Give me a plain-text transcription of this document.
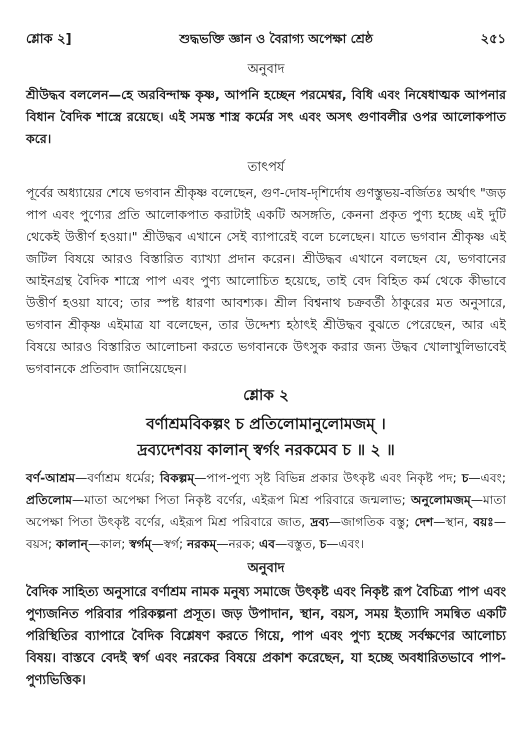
শ্লোক ২]	শুদ্ধভক্তি জ্ঞান ও বৈরাগ্য অপেক্ষা শ্রেষ্ঠ	২৫১
অনুবাদ

শ্রীউদ্ধব বললেন—হে অরবিন্দাক্ষ কৃষ্ণ, আপনি হচ্ছেন পরমেশ্বর, বিধি এবং নিষেধাত্মক আপনার বিধান বৈদিক শাস্ত্রে রয়েছে। এই সমস্ত শাস্ত্র কর্মের সৎ এবং অসৎ গুণাবলীর ওপর আলোকপাত করে।

তাৎপর্য

পূর্বের অধ্যায়ের শেষে ভগবান শ্রীকৃষ্ণ বলেছেন, গুণ-দোষ-দৃশির্দোষ গুণস্তুভয়-বর্জিতঃ অর্থাৎ "জড় পাপ এবং পুণ্যের প্রতি আলোকপাত করাটাই একটি অসঙ্গতি, কেননা প্রকৃত পুণ্য হচ্ছে এই দুটি থেকেই উত্তীর্ণ হওয়া।" শ্রীউদ্ধব এখানে সেই ব্যাপারেই বলে চলেছেন। যাতে ভগবান শ্রীকৃষ্ণ এই জটিল বিষয়ে আরও বিস্তারিত ব্যাখ্যা প্রদান করেন। শ্রীউদ্ধব এখানে বলছেন যে, ভগবানের আইনগ্রন্থ বৈদিক শাস্ত্রে পাপ এবং পুণ্য আলোচিত হয়েছে, তাই বেদ বিহিত কর্ম থেকে কীভাবে উত্তীর্ণ হওয়া যাবে; তার স্পষ্ট ধারণা আবশ্যক। শ্রীল বিশ্বনাথ চক্রবর্তী ঠাকুরের মত অনুসারে, ভগবান শ্রীকৃষ্ণ এইমাত্র যা বলেছেন, তার উদ্দেশ্য হঠাৎই শ্রীউদ্ধব বুঝতে পেরেছেন, আর এই বিষয়ে আরও বিস্তারিত আলোচনা করতে ভগবানকে উৎসুক করার জন্য উদ্ধব খোলাখুলিভাবেই ভগবানকে প্রতিবাদ জানিয়েছেন।

শ্লোক ২
বর্ণাশ্রমবিকল্পং চ প্রতিলোমানুলোমজম্ ।
দ্রব্যদেশবয় কালান্ স্বর্গং নরকমেব চ ॥ ২ ॥
বর্ণ-আশ্রম—বর্ণাশ্রম ধর্মের; বিকল্পম্—পাপ-পুণ্য সৃষ্ট বিভিন্ন প্রকার উৎকৃষ্ট এবং নিকৃষ্ট পদ; চ—এবং; প্রতিলোম—মাতা অপেক্ষা পিতা নিকৃষ্ট বর্ণের, এইরূপ মিশ্র পরিবারে জন্মলাভ; অনুলোমজম্—মাতা অপেক্ষা পিতা উৎকৃষ্ট বর্ণের, এইরূপ মিশ্র পরিবারে জাত, দ্রব্য—জাগতিক বস্তু; দেশ—স্থান, বয়ঃ—বয়স; কালান্—কাল; স্বর্গম্—স্বর্গ; নরকম্—নরক; এব—বস্তুত, চ—এবং।
অনুবাদ

বৈদিক সাহিত্য অনুসারে বর্ণাশ্রম নামক মনুষ্য সমাজে উৎকৃষ্ট এবং নিকৃষ্ট রূপ বৈচিত্র্য পাপ এবং পুণ্যজনিত পরিবার পরিকল্পনা প্রসূত। জড় উপাদান, স্থান, বয়স, সময় ইত্যাদি সমন্বিত একটি পরিস্থিতির ব্যাপারে বৈদিক বিশ্লেষণ করতে গিয়ে, পাপ এবং পুণ্য হচ্ছে সর্বক্ষণের আলোচ্য বিষয়। বাস্তবে বেদই স্বর্গ এবং নরকের বিষয়ে প্রকাশ করেছেন, যা হচ্ছে অবধারিতভাবে পাপ-পুণ্যভিত্তিক।
